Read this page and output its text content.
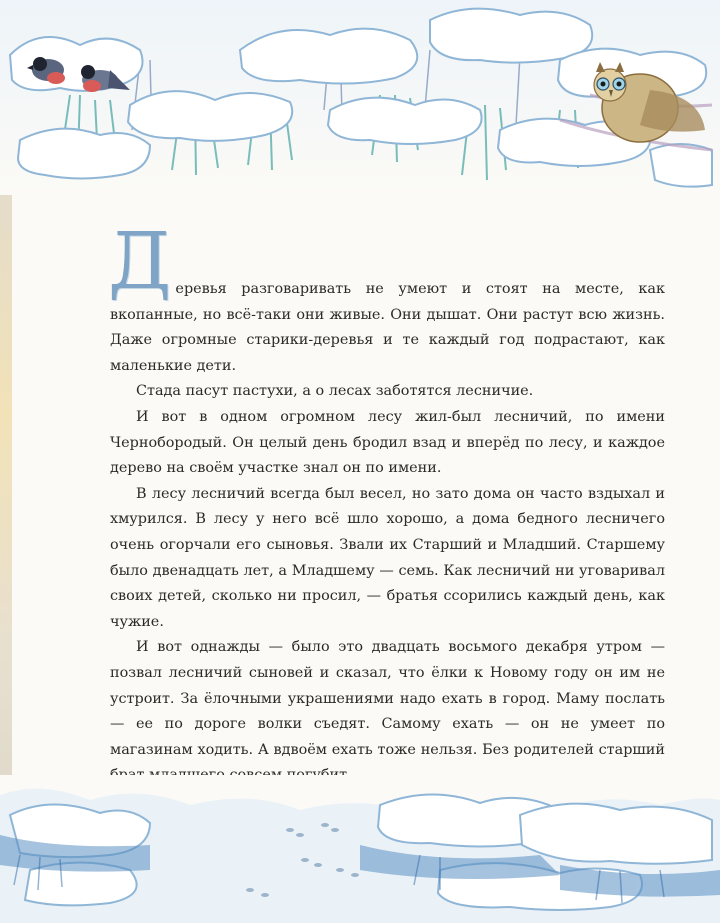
Деревья разговаривать не умеют и стоят на месте, как вкопанные, но всё-таки они живые. Они дышат. Они растут всю жизнь. Даже огромные старики-деревья и те каждый год подрастают, как маленькие дети.

Стада пасут пастухи, а о лесах заботятся лесничие.

И вот в одном огромном лесу жил-был лесничий, по имени Чернобородый. Он целый день бродил взад и вперёд по лесу, и каждое дерево на своём участке знал он по имени.

В лесу лесничий всегда был весел, но зато дома он часто вздыхал и хмурился. В лесу у него всё шло хорошо, а дома бедного лесничего очень огорчали его сыновья. Звали их Старший и Младший. Старшему было двенадцать лет, а Младшему — семь. Как лесничий ни уговаривал своих детей, сколько ни просил, — братья ссорились каждый день, как чужие.

И вот однажды — было это двадцать восьмого декабря утром — позвал лесничий сыновей и сказал, что ёлки к Новому году он им не устроит. За ёлочными украшениями надо ехать в город. Маму послать — ее по дороге волки съедят. Самому ехать — он не умеет по магазинам ходить. А вдвоём ехать тоже нельзя. Без родителей старший
